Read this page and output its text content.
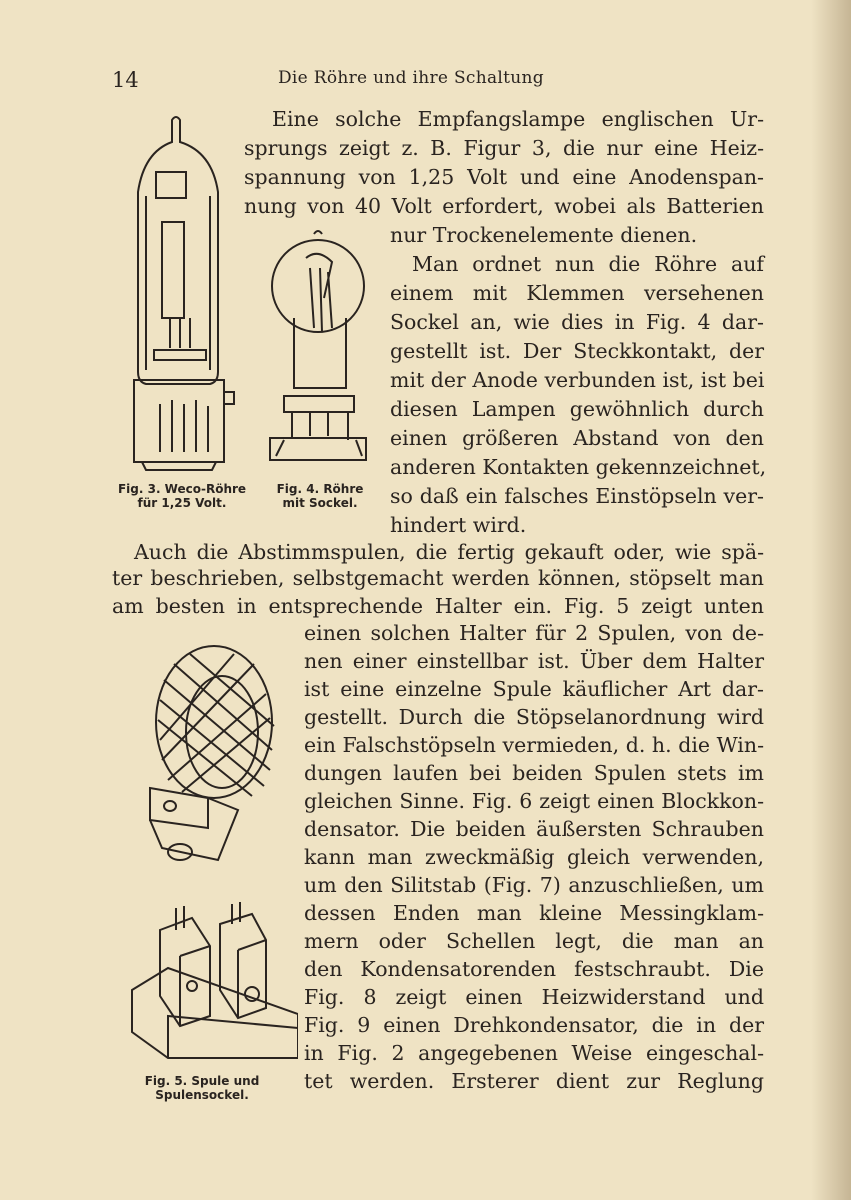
14	Die Röhre und ihre Schaltung
Fig. 3. Weco-Röhre
für 1,25 Volt.
Fig. 4. Röhre
mit Sockel.
Fig. 5. Spule und
Spulensockel.

Eine solche Empfangslampe englischen Ur-

sprungs zeigt z. B. Figur 3, die nur eine Heiz-

spannung von 1,25 Volt und eine Anodenspan-

nung von 40 Volt erfordert, wobei als Batterien

nur Trockenelemente dienen.

Man ordnet nun die Röhre auf

einem mit Klemmen versehenen

Sockel an, wie dies in Fig. 4 dar-

gestellt ist. Der Steckkontakt, der

mit der Anode verbunden ist, ist bei

diesen Lampen gewöhnlich durch

einen größeren Abstand von den

anderen Kontakten gekennzeichnet,

so daß ein falsches Einstöpseln ver-

hindert wird.

Auch die Abstimmspulen, die fertig gekauft oder, wie spä-

ter beschrieben, selbstgemacht werden können, stöpselt man

am besten in entsprechende Halter ein. Fig. 5 zeigt unten

einen solchen Halter für 2 Spulen, von de-

nen einer einstellbar ist. Über dem Halter

ist eine einzelne Spule käuflicher Art dar-

gestellt. Durch die Stöpselanordnung wird

ein Falschstöpseln vermieden, d. h. die Win-

dungen laufen bei beiden Spulen stets im

gleichen Sinne. Fig. 6 zeigt einen Blockkon-

densator. Die beiden äußersten Schrauben

kann man zweckmäßig gleich verwenden,

um den Silitstab (Fig. 7) anzuschließen, um

dessen Enden man kleine Messingklam-

mern oder Schellen legt, die man an

den Kondensatorenden festschraubt. Die

Fig. 8 zeigt einen Heizwiderstand und

Fig. 9 einen Drehkondensator, die in der

in Fig. 2 angegebenen Weise eingeschal-

tet werden. Ersterer dient zur Reglung
